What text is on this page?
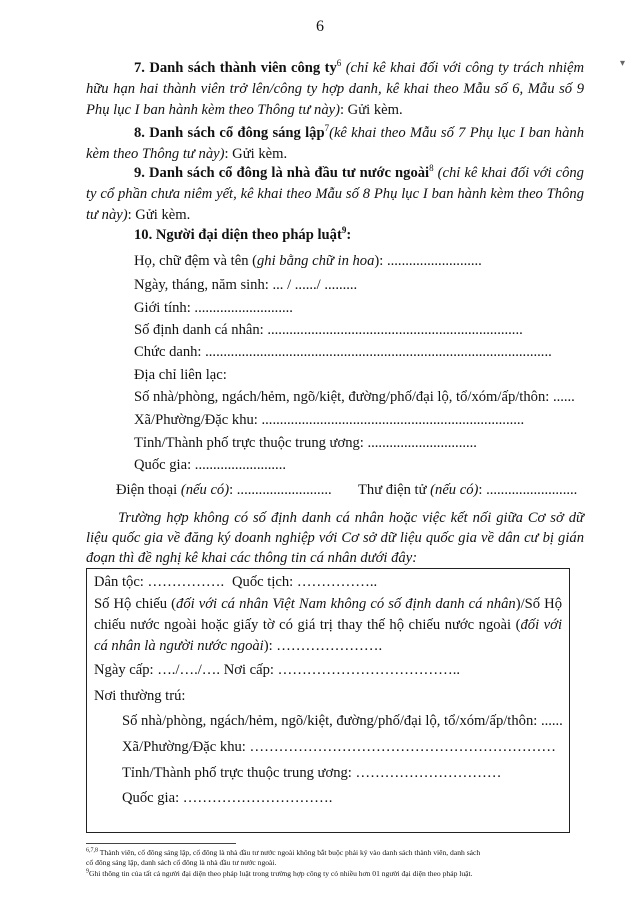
6
▾
7. Danh sách thành viên công $ty^6$ (chỉ kê khai đối với công ty trách nhiệm hữu hạn hai thành viên trở lên/công ty hợp danh, kê khai theo Mẫu số 6, Mẫu số 9 Phụ lục I ban hành kèm theo Thông tư này): Gửi kèm.
8. Danh sách cổ đông sáng lập$^7$(kê khai theo Mẫu số 7 Phụ lục I ban hành kèm theo Thông tư này): Gửi kèm.
9. Danh sách cổ đông là nhà đầu tư nước ngoài$^8$ (chỉ kê khai đối với công ty cổ phần chưa niêm yết, kê khai theo Mẫu số 8 Phụ lục I ban hành kèm theo Thông tư này): Gửi kèm.
10. Người đại diện theo pháp luật$^9$:
Họ, chữ đệm và tên (ghi bằng chữ in hoa): ..........................
Ngày, tháng, năm sinh: ... / ....../ .........
Giới tính: ...........................
Số định danh cá nhân: ......................................................................
Chức danh: ...............................................................................................
Địa chỉ liên lạc:
Số nhà/phòng, ngách/hẻm, ngõ/kiệt, đường/phố/đại lộ, tổ/xóm/ấp/thôn: ......
Xã/Phường/Đặc khu: ........................................................................
Tỉnh/Thành phố trực thuộc trung ương: ..............................
Quốc gia: .........................
Điện thoại (nếu có): .......................... Thư điện tử (nếu có): .........................
Trường hợp không có số định danh cá nhân hoặc việc kết nối giữa Cơ sở dữ liệu quốc gia về đăng ký doanh nghiệp với Cơ sở dữ liệu quốc gia về dân cư bị gián đoạn thì đề nghị kê khai các thông tin cá nhân dưới đây:
Dân tộc: ……………. Quốc tịch: ……………..
Số Hộ chiếu (đối với cá nhân Việt Nam không có số định danh cá nhân)/Số Hộ chiếu nước ngoài hoặc giấy tờ có giá trị thay thế hộ chiếu nước ngoài (đối với cá nhân là người nước ngoài): ………………….
Ngày cấp: …./…./…. Nơi cấp: ………………………………..
Nơi thường trú:
Số nhà/phòng, ngách/hẻm, ngõ/kiệt, đường/phố/đại lộ, tổ/xóm/ấp/thôn: ......
Xã/Phường/Đặc khu: ………………………………………………………
Tỉnh/Thành phố trực thuộc trung ương: …………………………
Quốc gia: ………………………….
$^{6,7,8}$ Thành viên, cổ đông sáng lập, cổ đông là nhà đầu tư nước ngoài không bắt buộc phải ký vào danh sách thành viên, danh sách
cổ đông sáng lập, danh sách cổ đông là nhà đầu tư nước ngoài.
$^9$Ghi thông tin của tất cả người đại diện theo pháp luật trong trường hợp công ty có nhiều hơn 01 người đại diện theo pháp luật.
